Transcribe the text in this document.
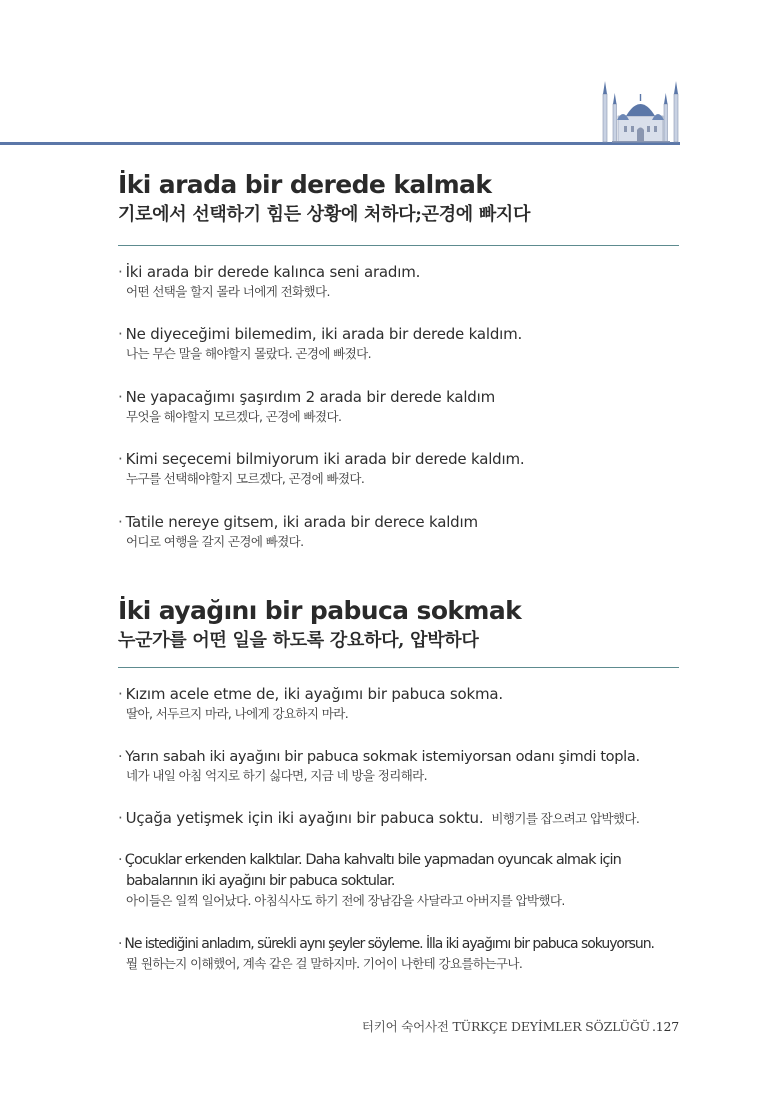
İki arada bir derede kalmak
기로에서 선택하기 힘든 상황에 처하다;곤경에 빠지다
· İki arada bir derede kalınca seni aradım.
어떤 선택을 할지 몰라 너에게 전화했다.
· Ne diyeceğimi bilemedim, iki arada bir derede kaldım.
나는 무슨 말을 해야할지 몰랐다. 곤경에 빠졌다.
· Ne yapacağımı şaşırdım 2 arada bir derede kaldım
무엇을 해야할지 모르겠다, 곤경에 빠졌다.
· Kimi seçecemi bilmiyorum iki arada bir derede kaldım.
누구를 선택해야할지 모르겠다, 곤경에 빠졌다.
· Tatile nereye gitsem, iki arada bir derece kaldım
어디로 여행을 갈지 곤경에 빠졌다.
İki ayağını bir pabuca sokmak
누군가를 어떤 일을 하도록 강요하다, 압박하다
· Kızım acele etme de, iki ayağımı bir pabuca sokma.
딸아, 서두르지 마라, 나에게 강요하지 마라.
· Yarın sabah iki ayağını bir pabuca sokmak istemiyorsan odanı şimdi topla.
네가 내일 아침 억지로 하기 싫다면, 지금 네 방을 정리해라.
· Uçağa yetişmek için iki ayağını bir pabuca soktu. 비행기를 잡으려고 압박했다.
· Çocuklar erkenden kalktılar. Daha kahvaltı bile yapmadan oyuncak almak için
babalarının iki ayağını bir pabuca soktular.
아이들은 일찍 일어났다. 아침식사도 하기 전에 장남감을 사달라고 아버지를 압박했다.
· Ne istediğini anladım, sürekli aynı şeyler söyleme. İlla iki ayağımı bir pabuca sokuyorsun.
뭘 원하는지 이해했어, 계속 같은 걸 말하지마. 기어이 나한테 강요를하는구나.
터키어 숙어사전 TÜRKÇE DEYİMLER SÖZLÜĞÜ .127
